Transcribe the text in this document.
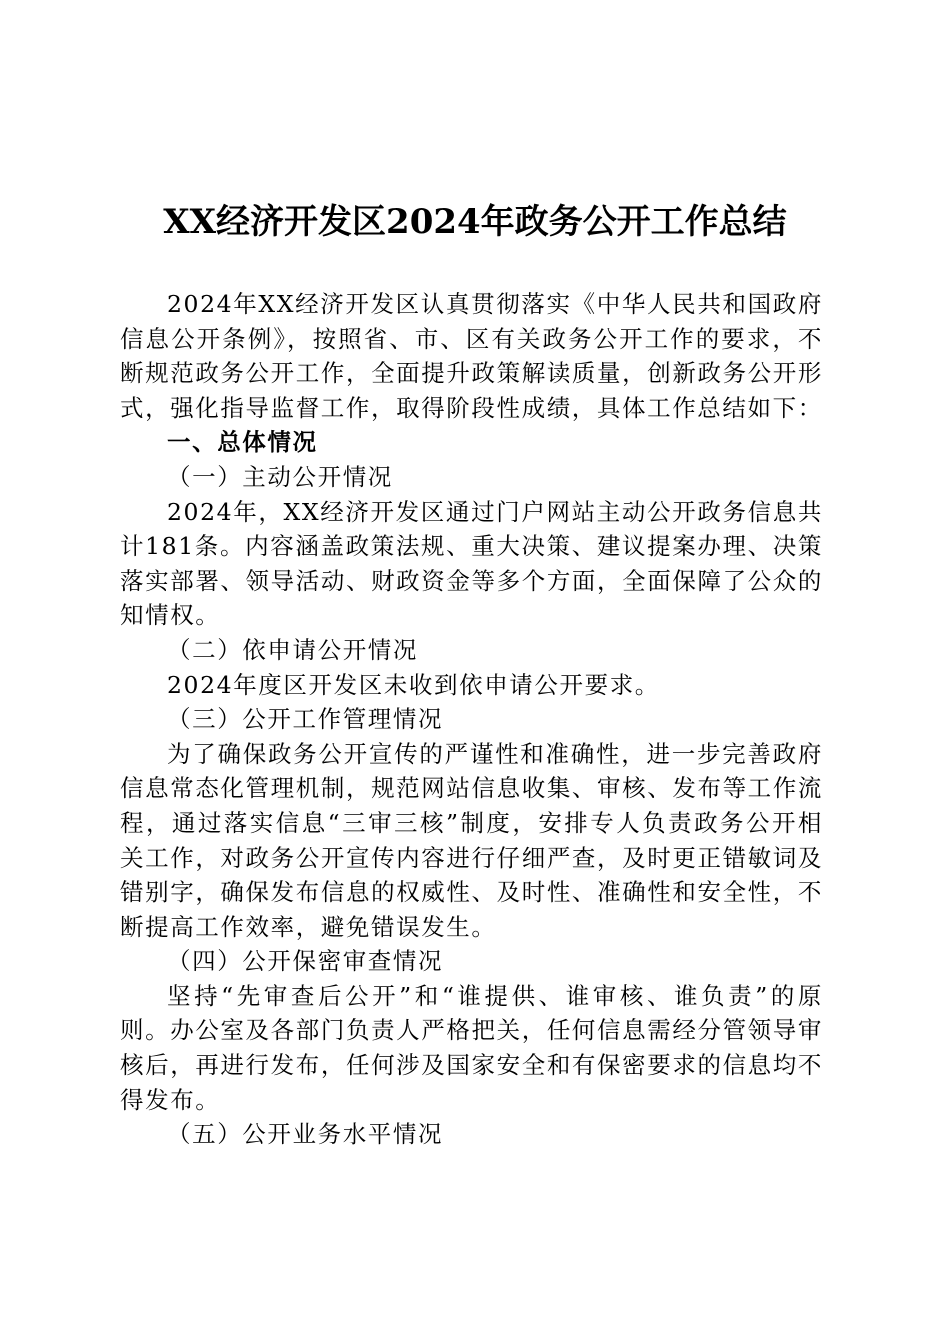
XX经济开发区2024年政务公开工作总结

2024年XX经济开发区认真贯彻落实《中华人民共和国政府信息公开条例》，按照省、市、区有关政务公开工作的要求，不断规范政务公开工作，全面提升政策解读质量，创新政务公开形式，强化指导监督工作，取得阶段性成绩，具体工作总结如下：

一、总体情况

（一）主动公开情况

2024年，XX经济开发区通过门户网站主动公开政务信息共计181条。内容涵盖政策法规、重大决策、建议提案办理、决策落实部署、领导活动、财政资金等多个方面，全面保障了公众的知情权。

（二）依申请公开情况

2024年度区开发区未收到依申请公开要求。

（三）公开工作管理情况

为了确保政务公开宣传的严谨性和准确性，进一步完善政府信息常态化管理机制，规范网站信息收集、审核、发布等工作流程，通过落实信息“三审三核”制度，安排专人负责政务公开相关工作，对政务公开宣传内容进行仔细严查，及时更正错敏词及错别字，确保发布信息的权威性、及时性、准确性和安全性，不断提高工作效率，避免错误发生。

（四）公开保密审查情况

坚持“先审查后公开”和“谁提供、谁审核、谁负责”的原则。办公室及各部门负责人严格把关，任何信息需经分管领导审核后，再进行发布，任何涉及国家安全和有保密要求的信息均不得发布。

（五）公开业务水平情况
